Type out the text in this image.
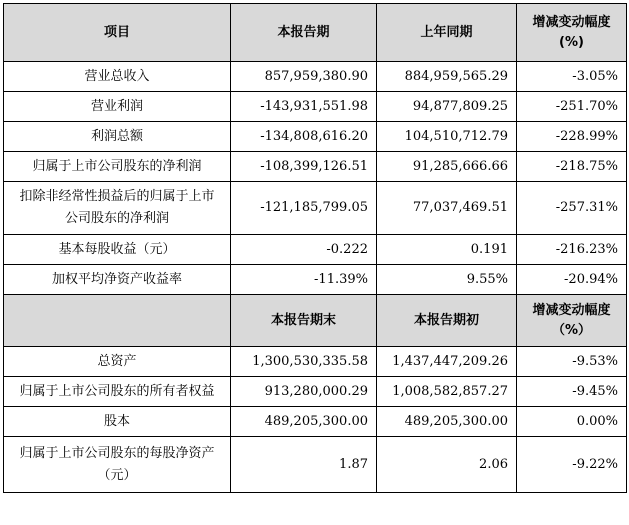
项目	本报告期	上年同期	增减变动幅度
(%)

营业总收入	857,959,380.90	884,959,565.29	-3.05%
营业利润	-143,931,551.98	94,877,809.25	-251.70%
利润总额	-134,808,616.20	104,510,712.79	-228.99%
归属于上市公司股东的净利润	-108,399,126.51	91,285,666.66	-218.75%

扣除非经常性损益后的归属于上市
公司股东的净利润	-121,185,799.05	77,037,469.51	-257.31%
基本每股收益（元）	-0.222	0.191	-216.23%
加权平均净资产收益率	-11.39%	9.55%	-20.94%
	本报告期末	本报告期初	增减变动幅度
（%）

总资产	1,300,530,335.58	1,437,447,209.26	-9.53%
归属于上市公司股东的所有者权益	913,280,000.29	1,008,582,857.27	-9.45%
股本	489,205,300.00	489,205,300.00	0.00%

归属于上市公司股东的每股净资产
（元）	1.87	2.06	-9.22%
